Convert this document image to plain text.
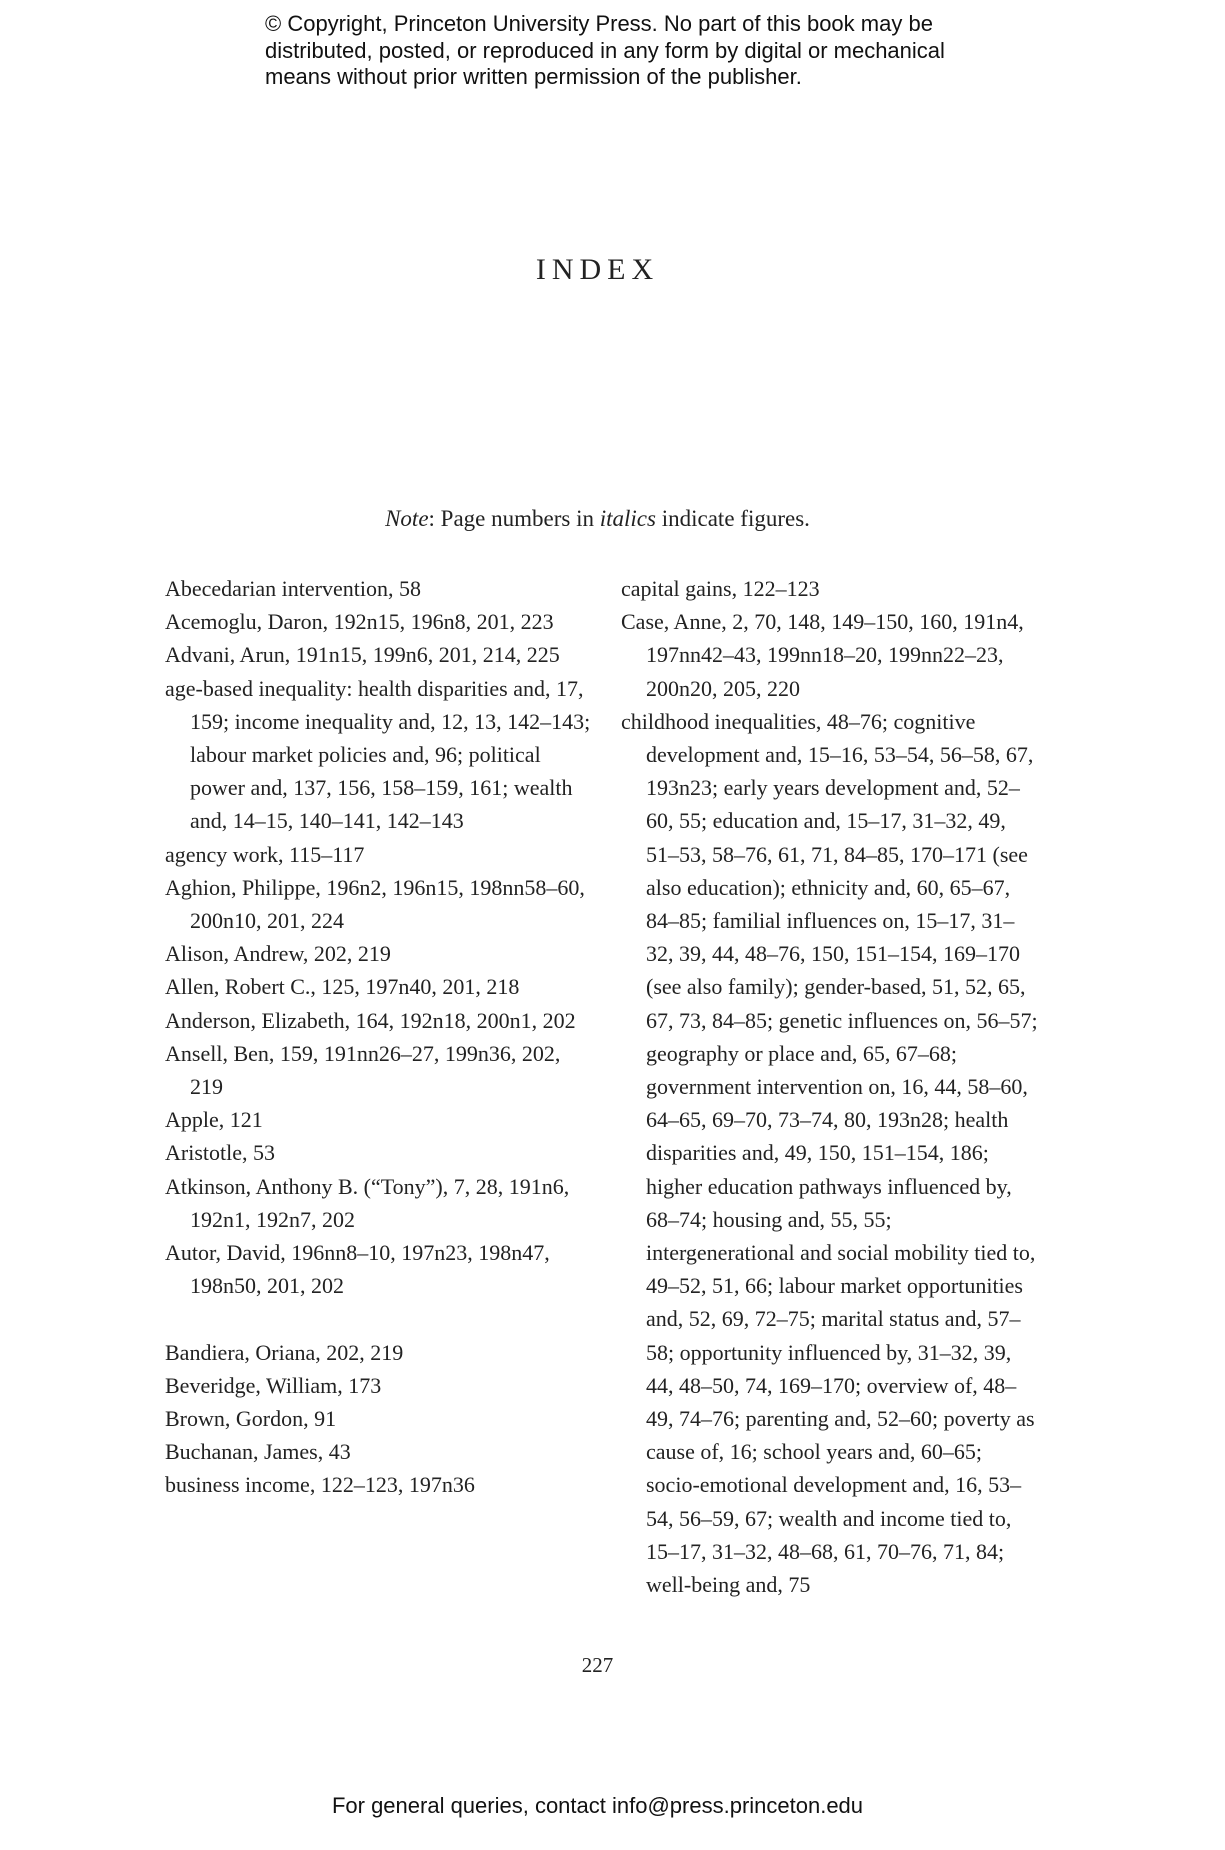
© Copyright, Princeton University Press. No part of this book may be
distributed, posted, or reproduced in any form by digital or mechanical
means without prior written permission of the publisher.
INDEX
Note: Page numbers in italics indicate figures.
Abecedarian intervention, 58
Acemoglu, Daron, 192n15, 196n8, 201, 223
Advani, Arun, 191n15, 199n6, 201, 214, 225
age-based inequality: health disparities and, 17, 159; income inequality and, 12, 13, 142–143; labour market policies and, 96; political power and, 137, 156, 158–159, 161; wealth and, 14–15, 140–141, 142–143
agency work, 115–117
Aghion, Philippe, 196n2, 196n15, 198nn58–60, 200n10, 201, 224
Alison, Andrew, 202, 219
Allen, Robert C., 125, 197n40, 201, 218
Anderson, Elizabeth, 164, 192n18, 200n1, 202
Ansell, Ben, 159, 191nn26–27, 199n36, 202, 219
Apple, 121
Aristotle, 53
Atkinson, Anthony B. (“Tony”), 7, 28, 191n6, 192n1, 192n7, 202
Autor, David, 196nn8–10, 197n23, 198n47, 198n50, 201, 202
Bandiera, Oriana, 202, 219
Beveridge, William, 173
Brown, Gordon, 91
Buchanan, James, 43
business income, 122–123, 197n36
capital gains, 122–123
Case, Anne, 2, 70, 148, 149–150, 160, 191n4, 197nn42–43, 199nn18–20, 199nn22–23, 200n20, 205, 220
childhood inequalities, 48–76; cognitive development and, 15–16, 53–54, 56–58, 67, 193n23; early years development and, 52–60, 55; education and, 15–17, 31–32, 49, 51–53, 58–76, 61, 71, 84–85, 170–171 (see also education); ethnicity and, 60, 65–67, 84–85; familial influences on, 15–17, 31–32, 39, 44, 48–76, 150, 151–154, 169–170 (see also family); gender-based, 51, 52, 65, 67, 73, 84–85; genetic influences on, 56–57; geography or place and, 65, 67–68; government intervention on, 16, 44, 58–60, 64–65, 69–70, 73–74, 80, 193n28; health disparities and, 49, 150, 151–154, 186; higher education pathways influenced by, 68–74; housing and, 55, 55; intergenerational and social mobility tied to, 49–52, 51, 66; labour market opportunities and, 52, 69, 72–75; marital status and, 57–58; opportunity influenced by, 31–32, 39, 44, 48–50, 74, 169–170; overview of, 48–49, 74–76; parenting and, 52–60; poverty as cause of, 16; school years and, 60–65; socio-emotional development and, 16, 53–54, 56–59, 67; wealth and income tied to, 15–17, 31–32, 48–68, 61, 70–76, 71, 84; well-being and, 75
227
For general queries, contact info@press.princeton.edu
